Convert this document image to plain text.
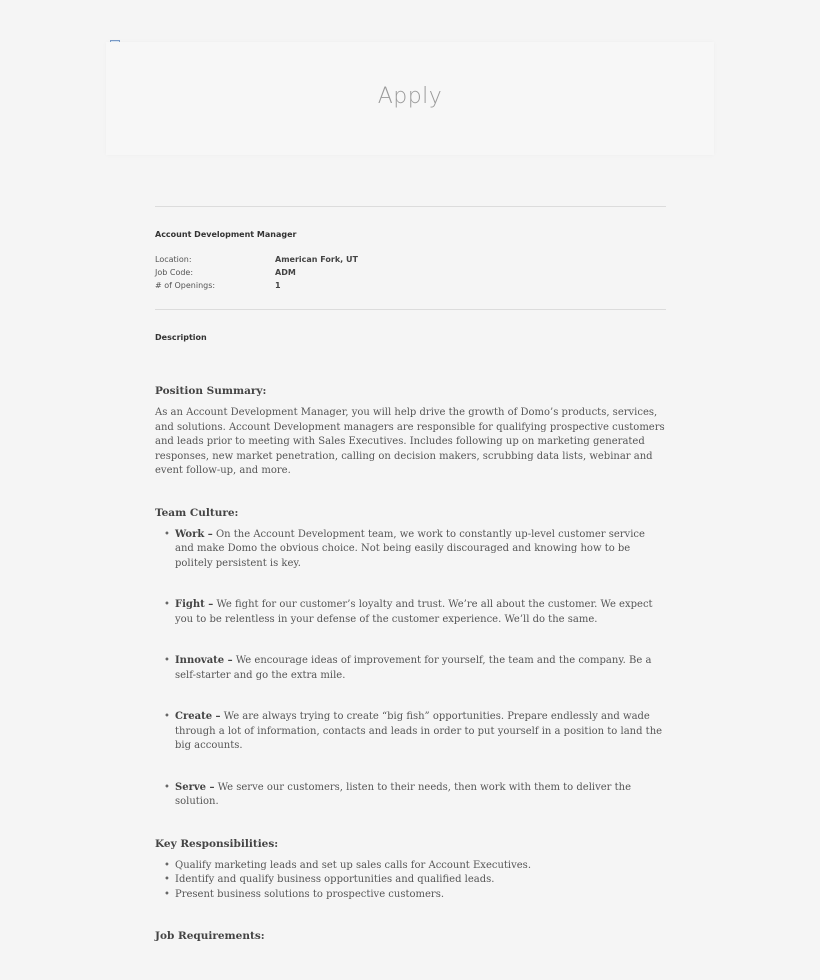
Apply
Account Development Manager
Location:	American Fork, UT
Job Code:	ADM
# of Openings:	1
Description
Position Summary:
As an Account Development Manager, you will help drive the growth of Domo’s products, services, and solutions. Account Development managers are responsible for qualifying prospective customers and leads prior to meeting with Sales Executives. Includes following up on marketing generated responses, new market penetration, calling on decision makers, scrubbing data lists, webinar and event follow-up, and more.
Team Culture:
• Work – On the Account Development team, we work to constantly up-level customer service and make Domo the obvious choice. Not being easily discouraged and knowing how to be politely persistent is key.
• Fight – We fight for our customer’s loyalty and trust. We’re all about the customer. We expect you to be relentless in your defense of the customer experience. We’ll do the same.
• Innovate – We encourage ideas of improvement for yourself, the team and the company. Be a self-starter and go the extra mile.
• Create – We are always trying to create “big fish” opportunities. Prepare endlessly and wade through a lot of information, contacts and leads in order to put yourself in a position to land the big accounts.
• Serve – We serve our customers, listen to their needs, then work with them to deliver the solution.
Key Responsibilities:
• Qualify marketing leads and set up sales calls for Account Executives.
• Identify and qualify business opportunities and qualified leads.
• Present business solutions to prospective customers.
Job Requirements:
